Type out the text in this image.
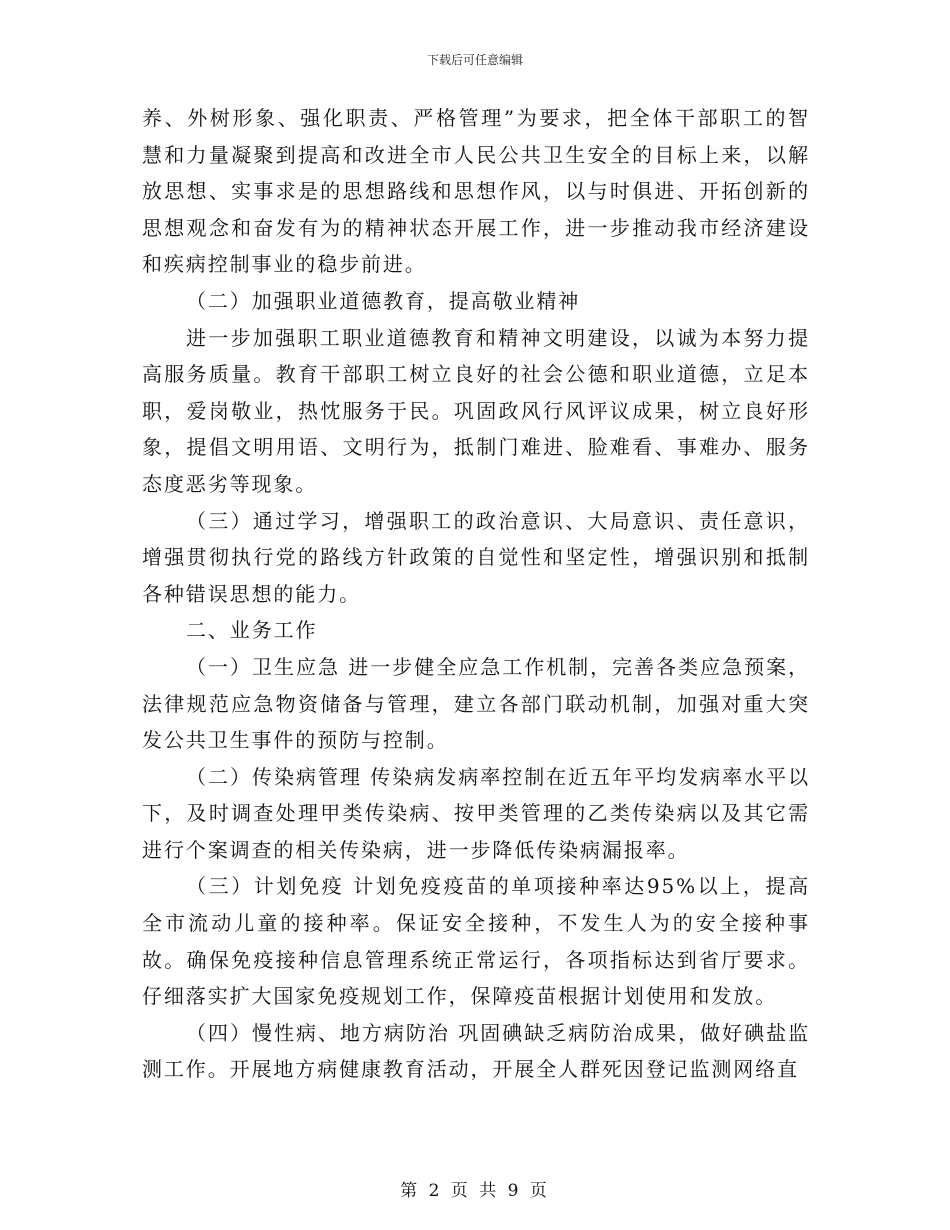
下载后可任意编辑

养、外树形象、强化职责、严格管理”为要求，把全体干部职工的智慧和力量凝聚到提高和改进全市人民公共卫生安全的目标上来，以解放思想、实事求是的思想路线和思想作风，以与时俱进、开拓创新的思想观念和奋发有为的精神状态开展工作，进一步推动我市经济建设和疾病控制事业的稳步前进。

（二）加强职业道德教育，提高敬业精神

进一步加强职工职业道德教育和精神文明建设，以诚为本努力提高服务质量。教育干部职工树立良好的社会公德和职业道德，立足本职，爱岗敬业，热忱服务于民。巩固政风行风评议成果，树立良好形象，提倡文明用语、文明行为，抵制门难进、脸难看、事难办、服务态度恶劣等现象。

（三）通过学习，增强职工的政治意识、大局意识、责任意识，增强贯彻执行党的路线方针政策的自觉性和坚定性，增强识别和抵制各种错误思想的能力。

二、业务工作

（一）卫生应急 进一步健全应急工作机制，完善各类应急预案，法律规范应急物资储备与管理，建立各部门联动机制，加强对重大突发公共卫生事件的预防与控制。

（二）传染病管理 传染病发病率控制在近五年平均发病率水平以下，及时调查处理甲类传染病、按甲类管理的乙类传染病以及其它需进行个案调查的相关传染病，进一步降低传染病漏报率。

（三）计划免疫 计划免疫疫苗的单项接种率达95%以上，提高全市流动儿童的接种率。保证安全接种，不发生人为的安全接种事故。确保免疫接种信息管理系统正常运行，各项指标达到省厅要求。仔细落实扩大国家免疫规划工作，保障疫苗根据计划使用和发放。

（四）慢性病、地方病防治 巩固碘缺乏病防治成果，做好碘盐监测工作。开展地方病健康教育活动，开展全人群死因登记监测网络直

第 2 页 共 9 页
